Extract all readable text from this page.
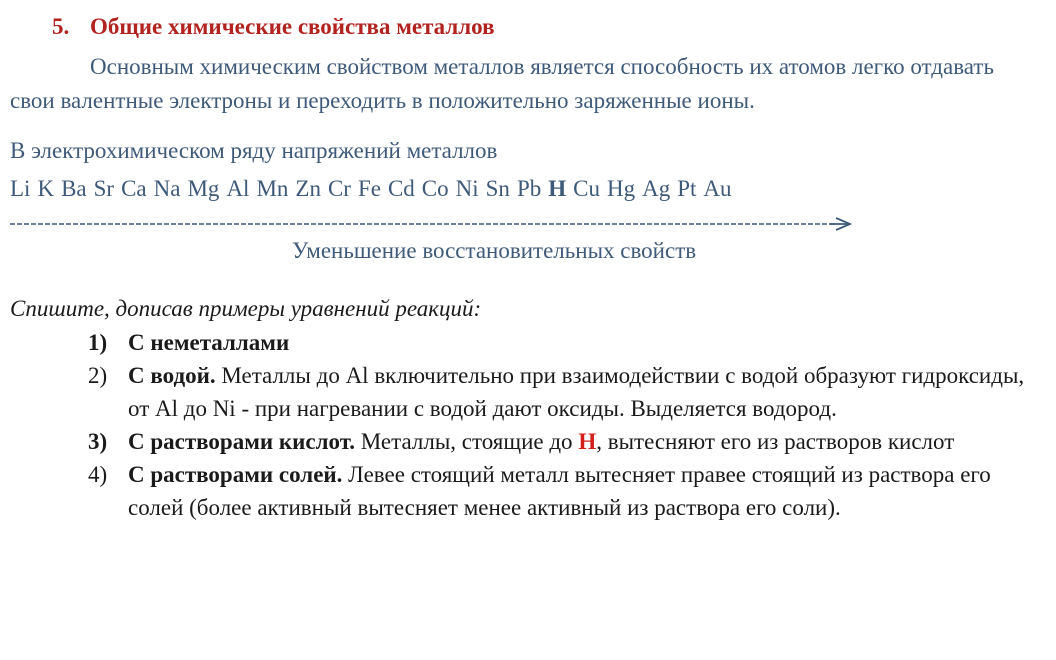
5. Общие химические свойства металлов
Основным химическим свойством металлов является способность их атомов легко отдавать свои валентные электроны и переходить в положительно заряженные ионы.
В электрохимическом ряду напряжений металлов
Li K Ba Sr Ca Na Mg Al Mn Zn Cr Fe Cd Co Ni Sn Pb H Cu Hg Ag Pt Au
Уменьшение восстановительных свойств
Спишите, дописав примеры уравнений реакций:
1) С неметаллами
2) С водой. Металлы до Al включительно при взаимодействии с водой образуют гидроксиды, от Al до Ni - при нагревании с водой дают оксиды. Выделяется водород.
3) С растворами кислот. Металлы, стоящие до Н, вытесняют его из растворов кислот
4) С растворами солей. Левее стоящий металл вытесняет правее стоящий из раствора его солей (более активный вытесняет менее активный из раствора его соли).
